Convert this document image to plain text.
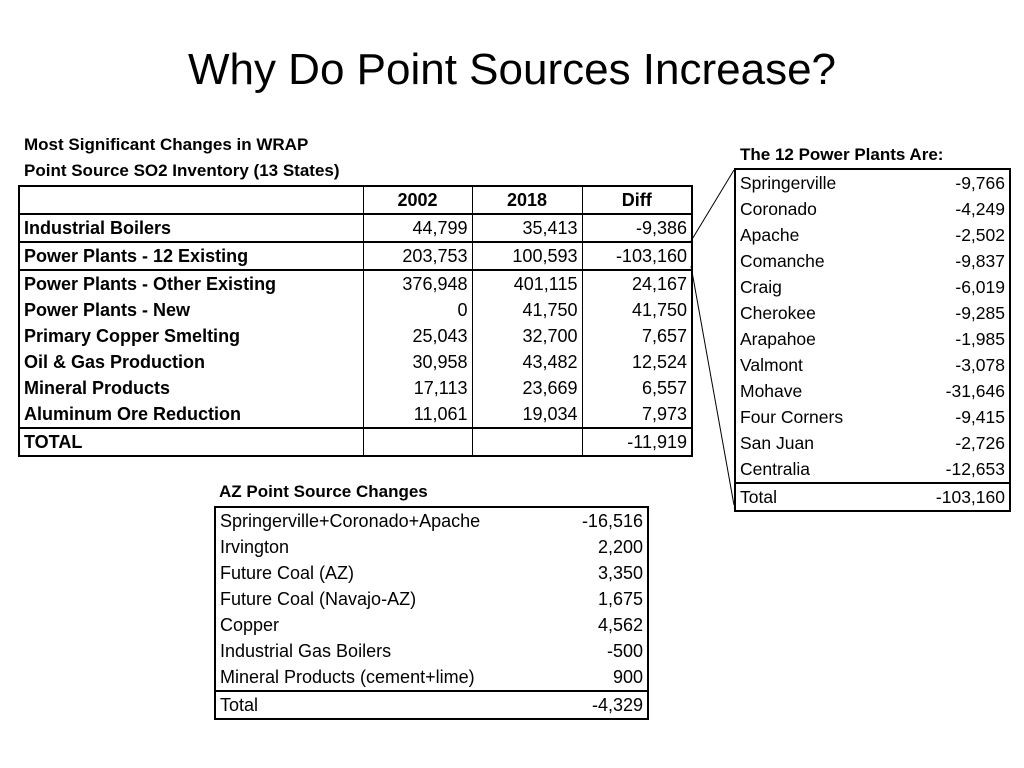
Why Do Point Sources Increase?
Most Significant Changes in WRAP
Point Source SO2 Inventory (13 States)
	2002	2018	Diff
Industrial Boilers	44,799	35,413	-9,386
Power Plants - 12 Existing	203,753	100,593	-103,160
Power Plants - Other Existing	376,948	401,115	24,167
Power Plants - New	0	41,750	41,750
Primary Copper Smelting	25,043	32,700	7,657
Oil & Gas Production	30,958	43,482	12,524
Mineral Products	17,113	23,669	6,557
Aluminum Ore Reduction	11,061	19,034	7,973
TOTAL			-11,919
The 12 Power Plants Are:
Springerville	-9,766
Coronado	-4,249
Apache	-2,502
Comanche	-9,837
Craig	-6,019
Cherokee	-9,285
Arapahoe	-1,985
Valmont	-3,078
Mohave	-31,646
Four Corners	-9,415
San Juan	-2,726
Centralia	-12,653
Total	-103,160
AZ Point Source Changes
Springerville+Coronado+Apache	-16,516
Irvington	2,200
Future Coal (AZ)	3,350
Future Coal (Navajo-AZ)	1,675
Copper	4,562
Industrial Gas Boilers	-500
Mineral Products (cement+lime)	900
Total	-4,329
